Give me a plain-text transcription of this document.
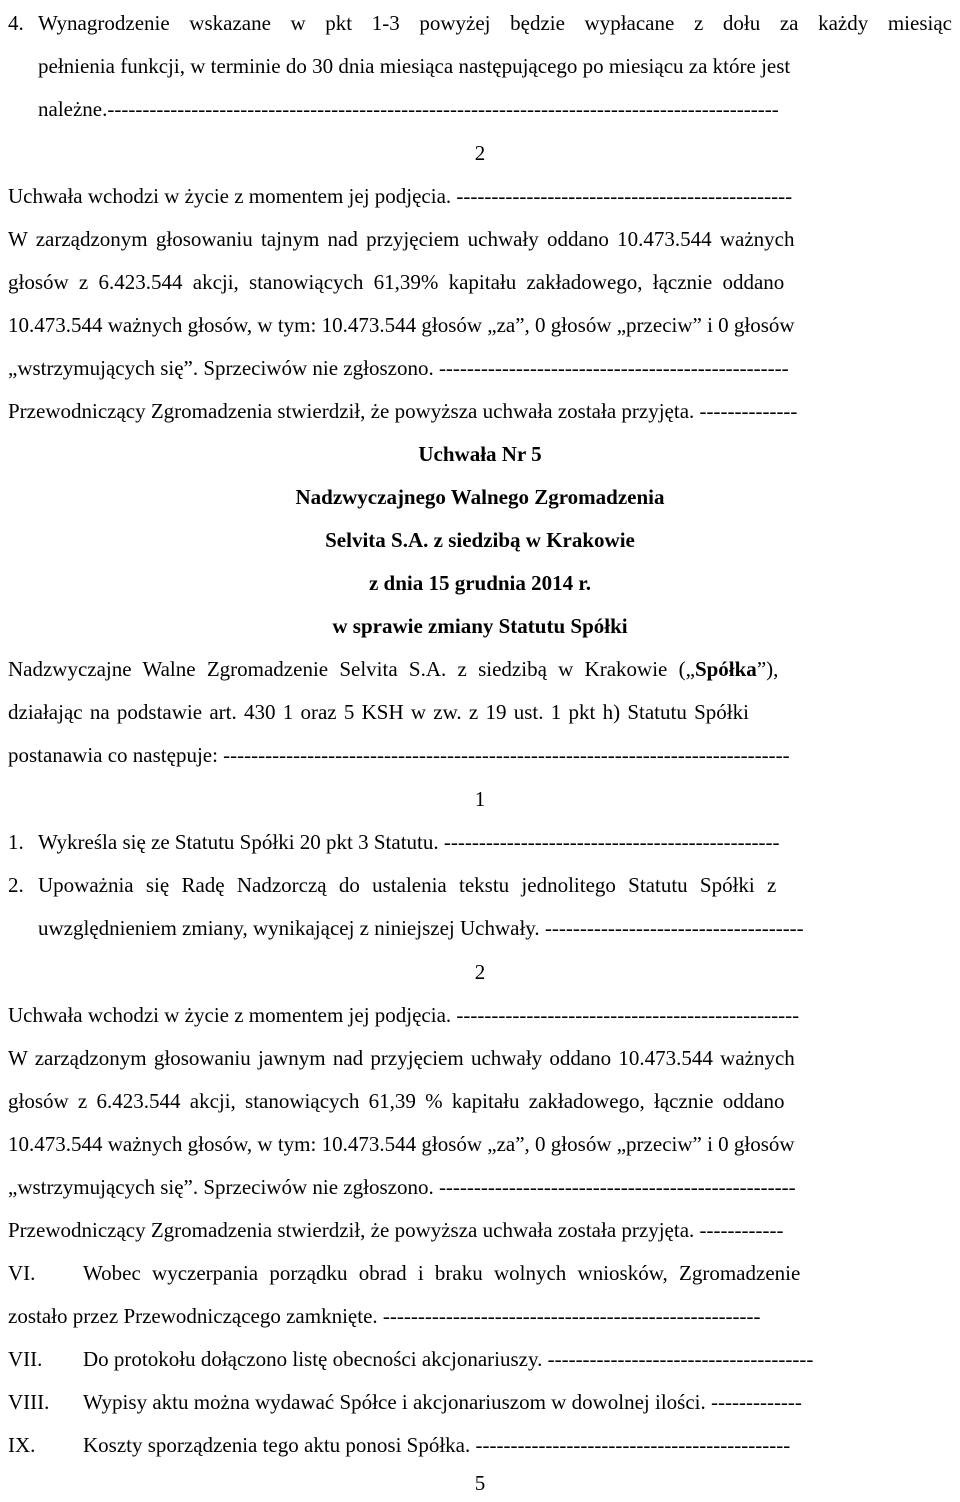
4. Wynagrodzenie wskazane w pkt 1-3 powyżej będzie wypłacane z dołu za każdy miesiąc
pełnienia funkcji, w terminie do 30 dnia miesiąca następującego po miesiącu za które jest
należne.------------------------------------------------------------------------------------------------

2

Uchwała wchodzi w życie z momentem jej podjęcia. ------------------------------------------------
W zarządzonym głosowaniu tajnym nad przyjęciem uchwały oddano 10.473.544 ważnych
głosów z 6.423.544 akcji, stanowiących 61,39% kapitału zakładowego, łącznie oddano
10.473.544 ważnych głosów, w tym: 10.473.544 głosów „za”, 0 głosów „przeciw” i 0 głosów
„wstrzymujących się”. Sprzeciwów nie zgłoszono. --------------------------------------------------
Przewodniczący Zgromadzenia stwierdził, że powyższa uchwała została przyjęta. --------------

Uchwała Nr 5

Nadzwyczajnego Walnego Zgromadzenia

Selvita S.A. z siedzibą w Krakowie

z dnia 15 grudnia 2014 r.

w sprawie zmiany Statutu Spółki

Nadzwyczajne Walne Zgromadzenie Selvita S.A. z siedzibą w Krakowie („Spółka”),
działając na podstawie art. 430 1 oraz 5 KSH w zw. z 19 ust. 1 pkt h) Statutu Spółki
postanawia co następuje: ---------------------------------------------------------------------------------

1

1. Wykreśla się ze Statutu Spółki 20 pkt 3 Statutu. ------------------------------------------------
2. Upoważnia się Radę Nadzorczą do ustalenia tekstu jednolitego Statutu Spółki z
uwzględnieniem zmiany, wynikającej z niniejszej Uchwały. -------------------------------------

2

Uchwała wchodzi w życie z momentem jej podjęcia. -------------------------------------------------
W zarządzonym głosowaniu jawnym nad przyjęciem uchwały oddano 10.473.544 ważnych
głosów z 6.423.544 akcji, stanowiących 61,39 % kapitału zakładowego, łącznie oddano
10.473.544 ważnych głosów, w tym: 10.473.544 głosów „za”, 0 głosów „przeciw” i 0 głosów
„wstrzymujących się”. Sprzeciwów nie zgłoszono. ---------------------------------------------------
Przewodniczący Zgromadzenia stwierdził, że powyższa uchwała została przyjęta. ------------
VI.	Wobec wyczerpania porządku obrad i braku wolnych wniosków, Zgromadzenie
zostało przez Przewodniczącego zamknięte. ------------------------------------------------------
VII.	Do protokołu dołączono listę obecności akcjonariuszy. --------------------------------------
VIII.	Wypisy aktu można wydawać Spółce i akcjonariuszom w dowolnej ilości. -------------
IX.	Koszty sporządzenia tego aktu ponosi Spółka. ---------------------------------------------
5
